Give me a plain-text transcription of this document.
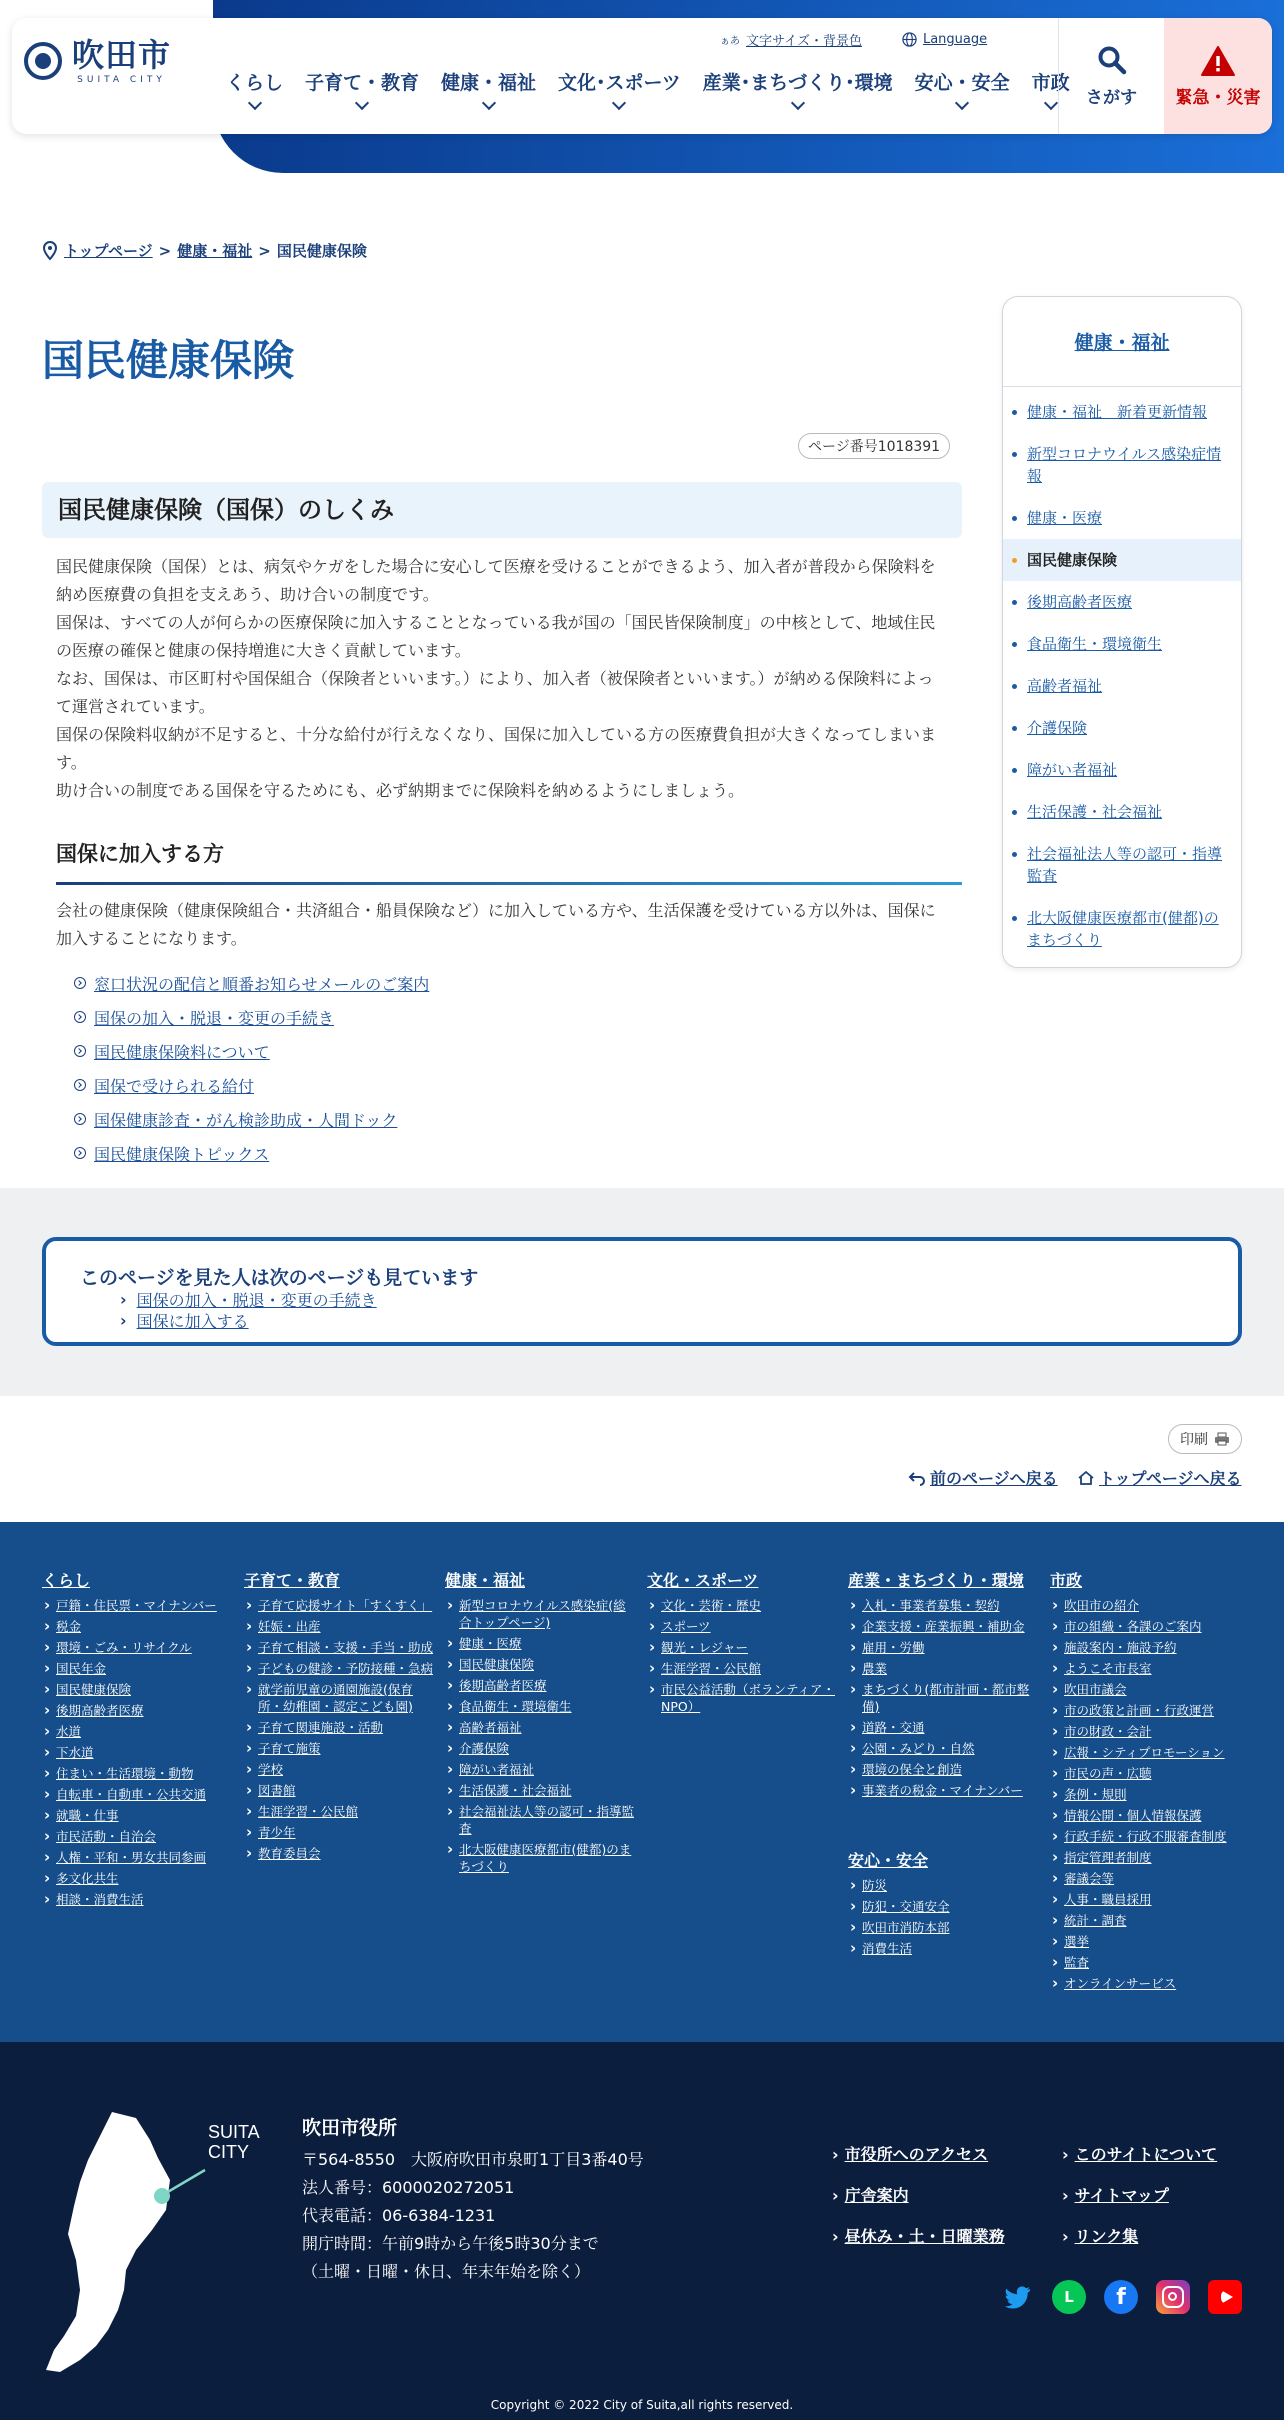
吹田市
SUITA CITY
ぁあ 文字サイズ・背景色	Language
くらし	子育て・教育	健康・福祉	文化･スポーツ	産業･まちづくり･環境	安心・安全	市政
さがす 緊急・災害
トップページ > 健康・福祉 > 国民健康保険
国民健康保険
ページ番号1018391
国民健康保険（国保）のしくみ

国民健康保険（国保）とは、病気やケガをした場合に安心して医療を受けることができるよう、加入者が普段から保険料を納め医療費の負担を支えあう、助け合いの制度です。

国保は、すべての人が何らかの医療保険に加入することとなっている我が国の「国民皆保険制度」の中核として、地域住民の医療の確保と健康の保持増進に大きく貢献しています。

なお、国保は、市区町村や国保組合（保険者といいます。）により、加入者（被保険者といいます。）が納める保険料によって運営されています。

国保の保険料収納が不足すると、十分な給付が行えなくなり、国保に加入している方の医療費負担が大きくなってしまいます。

助け合いの制度である国保を守るためにも、必ず納期までに保険料を納めるようにしましょう。

国保に加入する方

会社の健康保険（健康保険組合・共済組合・船員保険など）に加入している方や、生活保護を受けている方以外は、国保に加入することになります。

窓口状況の配信と順番お知らせメールのご案内
国保の加入・脱退・変更の手続き
国民健康保険料について
国保で受けられる給付
国保健康診査・がん検診助成・人間ドック
国民健康保険トピックス
健康・福祉
健康・福祉　新着更新情報
新型コロナウイルス感染症情報
健康・医療
国民健康保険
後期高齢者医療
食品衛生・環境衛生
高齢者福祉
介護保険
障がい者福祉
生活保護・社会福祉
社会福祉法人等の認可・指導監査
北大阪健康医療都市(健都)のまちづくり
このページを見た人は次のページも見ています
› 国保の加入・脱退・変更の手続き
› 国保に加入する
印刷
前のページへ戻る	トップページへ戻る
くらし
› 戸籍・住民票・マイナンバー
› 税金
› 環境・ごみ・リサイクル
› 国民年金
› 国民健康保険
› 後期高齢者医療
› 水道
› 下水道
› 住まい・生活環境・動物
› 自転車・自動車・公共交通
› 就職・仕事
› 市民活動・自治会
› 人権・平和・男女共同参画
› 多文化共生
› 相談・消費生活
子育て・教育
› 子育て応援サイト「すくすく」
› 妊娠・出産
› 子育て相談・支援・手当・助成
› 子どもの健診・予防接種・急病
› 就学前児童の通園施設(保育所・幼稚園・認定こども園)
› 子育て関連施設・活動
› 子育て施策
› 学校
› 図書館
› 生涯学習・公民館
› 青少年
› 教育委員会
健康・福祉
› 新型コロナウイルス感染症(総合トップページ)
› 健康・医療
› 国民健康保険
› 後期高齢者医療
› 食品衛生・環境衛生
› 高齢者福祉
› 介護保険
› 障がい者福祉
› 生活保護・社会福祉
› 社会福祉法人等の認可・指導監査
› 北大阪健康医療都市(健都)のまちづくり
文化・スポーツ
› 文化・芸術・歴史
› スポーツ
› 観光・レジャー
› 生涯学習・公民館
› 市民公益活動（ボランティア・NPO）
産業・まちづくり・環境
› 入札・事業者募集・契約
› 企業支援・産業振興・補助金
› 雇用・労働
› 農業
› まちづくり(都市計画・都市整備)
› 道路・交通
› 公園・みどり・自然
› 環境の保全と創造
› 事業者の税金・マイナンバー
安心・安全
› 防災
› 防犯・交通安全
› 吹田市消防本部
› 消費生活
市政
› 吹田市の紹介
› 市の組織・各課のご案内
› 施設案内・施設予約
› ようこそ市長室
› 吹田市議会
› 市の政策と計画・行政運営
› 市の財政・会計
› 広報・シティプロモーション
› 市民の声・広聴
› 条例・規則
› 情報公開・個人情報保護
› 行政手続・行政不服審査制度
› 指定管理者制度
› 審議会等
› 人事・職員採用
› 統計・調査
› 選挙
› 監査
› オンラインサービス
SUITA
CITY
OSAKA
吹田市役所
〒564-8550　大阪府吹田市泉町1丁目3番40号
法人番号：6000020272051
代表電話：06-6384-1231
開庁時間：午前9時から午後5時30分まで
（土曜・日曜・休日、年末年始を除く）
› 市役所へのアクセス	› このサイトについて
› 庁舎案内	› サイトマップ
› 昼休み・土・日曜業務	› リンク集
L	f
Copyright © 2022 City of Suita,all rights reserved.
